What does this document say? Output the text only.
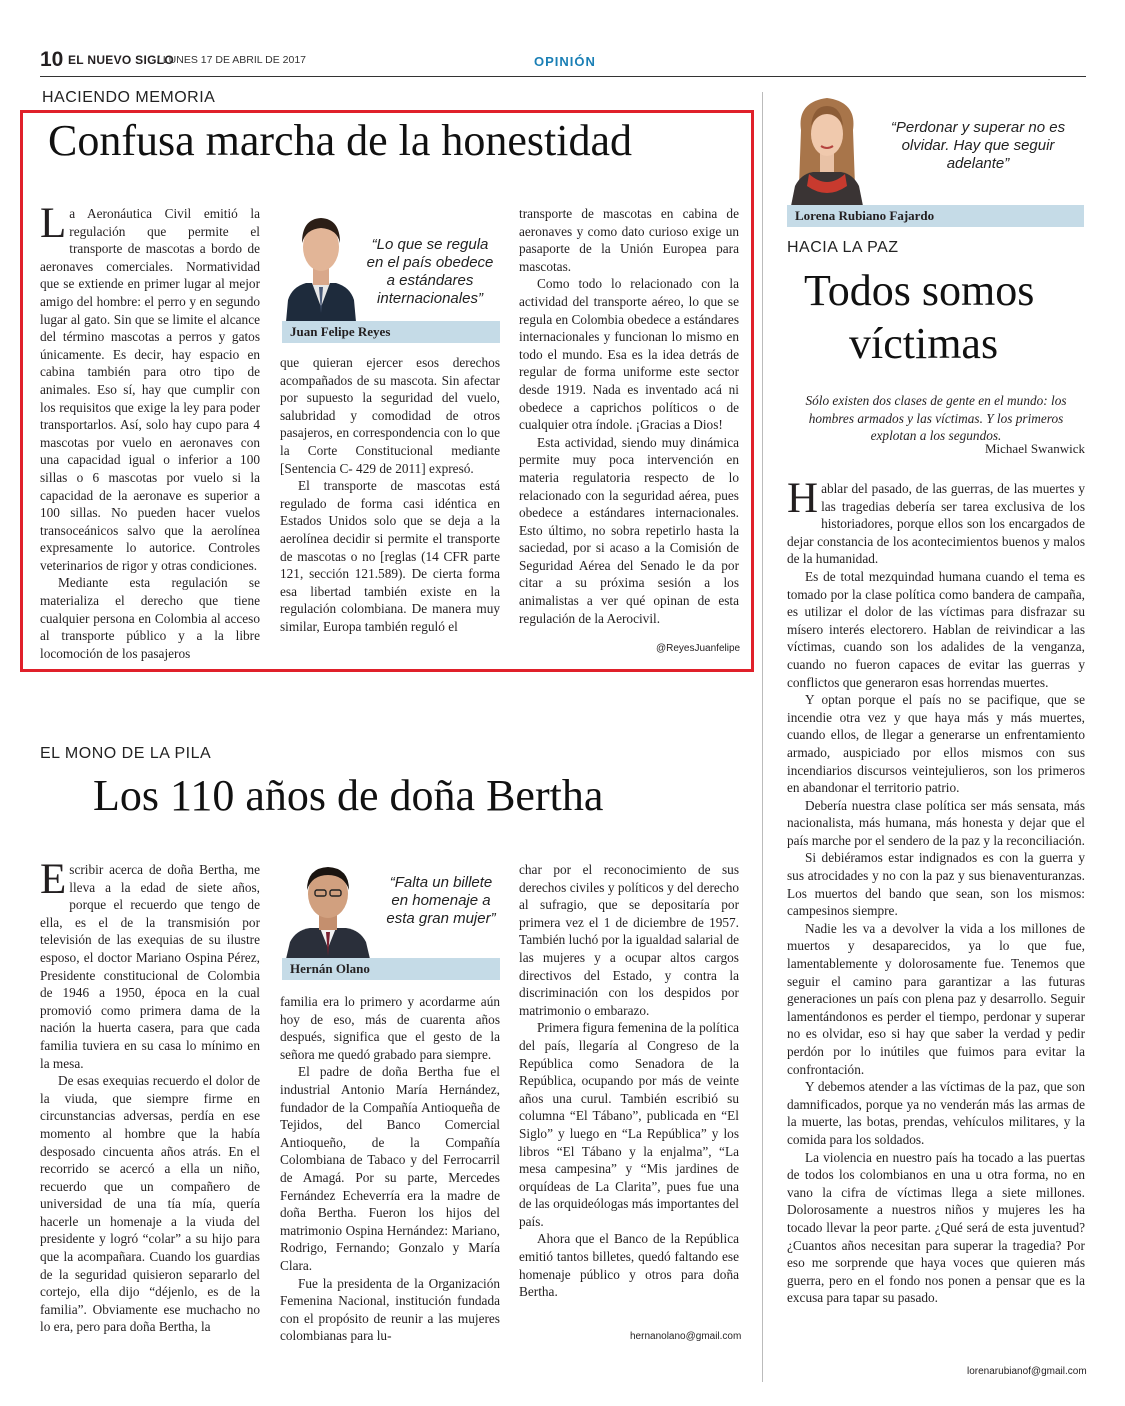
10 EL NUEVO SIGLO
/ LUNES 17 DE ABRIL DE 2017	OPINIÓN
HACIENDO MEMORIA
Confusa marcha de la honestidad

La Aeronáutica Civil emitió la regulación que permite el transporte de mascotas a bordo de aeronaves comerciales. Normatividad que se extiende en primer lugar al mejor amigo del hombre: el perro y en segundo lugar al gato. Sin que se limite el alcance del término mascotas a perros y gatos únicamente. Es decir, hay espacio en cabina también para otro tipo de animales. Eso sí, hay que cumplir con los requisitos que exige la ley para poder transportarlos. Así, solo hay cupo para 4 mascotas por vuelo en aeronaves con una capacidad igual o inferior a 100 sillas o 6 mascotas por vuelo si la capacidad de la aeronave es superior a 100 sillas. No pueden hacer vuelos transoceánicos salvo que la aerolínea expresamente lo autorice. Controles veterinarios de rigor y otras condiciones.

Mediante esta regulación se materializa el derecho que tiene cualquier persona en Colombia al acceso al transporte público y a la libre locomoción de los pasajeros

“Lo que se regula en el país obedece a estándares internacionales”
Juan Felipe Reyes

que quieran ejercer esos derechos acompañados de su mascota. Sin afectar por supuesto la seguridad del vuelo, salubridad y comodidad de otros pasajeros, en correspondencia con lo que la Corte Constitucional mediante [Sentencia C- 429 de 2011] expresó.

El transporte de mascotas está regulado de forma casi idéntica en Estados Unidos solo que se deja a la aerolínea decidir si permite el transporte de mascotas o no [reglas (14 CFR parte 121, sección 121.589). De cierta forma esa libertad también existe en la regulación colombiana. De manera muy similar, Europa también reguló el

transporte de mascotas en cabina de aeronaves y como dato curioso exige un pasaporte de la Unión Europea para mascotas.

Como todo lo relacionado con la actividad del transporte aéreo, lo que se regula en Colombia obedece a estándares internacionales y funcionan lo mismo en todo el mundo. Esa es la idea detrás de regular de forma uniforme este sector desde 1919. Nada es inventado acá ni obedece a caprichos políticos o de cualquier otra índole. ¡Gracias a Dios!

Esta actividad, siendo muy dinámica permite muy poca intervención en materia regulatoria respecto de lo relacionado con la seguridad aérea, pues obedece a estándares internacionales. Esto último, no sobra repetirlo hasta la saciedad, por si acaso a la Comisión de Seguridad Aérea del Senado le da por citar a su próxima sesión a los animalistas a ver qué opinan de esta regulación de la Aerocivil.

@ReyesJuanfelipe
EL MONO DE LA PILA
Los 110 años de doña Bertha

Escribir acerca de doña Bertha, me lleva a la edad de siete años, porque el recuerdo que tengo de ella, es el de la transmisión por televisión de las exequias de su ilustre esposo, el doctor Mariano Ospina Pérez, Presidente constitucional de Colombia de 1946 a 1950, época en la cual promovió como primera dama de la nación la huerta casera, para que cada familia tuviera en su casa lo mínimo en la mesa.

De esas exequias recuerdo el dolor de la viuda, que siempre firme en circunstancias adversas, perdía en ese momento al hombre que la había desposado cincuenta años atrás. En el recorrido se acercó a ella un niño, recuerdo que un compañero de universidad de una tía mía, quería hacerle un homenaje a la viuda del presidente y logró “colar” a su hijo para que la acompañara. Cuando los guardias de la seguridad quisieron separarlo del cortejo, ella dijo “déjenlo, es de la familia”. Obviamente ese muchacho no lo era, pero para doña Bertha, la

“Falta un billete en homenaje a esta gran mujer”
Hernán Olano

familia era lo primero y acordarme aún hoy de eso, más de cuarenta años después, significa que el gesto de la señora me quedó grabado para siempre.

El padre de doña Bertha fue el industrial Antonio María Hernández, fundador de la Compañía Antioqueña de Tejidos, del Banco Comercial Antioqueño, de la Compañía Colombiana de Tabaco y del Ferrocarril de Amagá. Por su parte, Mercedes Fernández Echeverría era la madre de doña Bertha. Fueron los hijos del matrimonio Ospina Hernández: Mariano, Rodrigo, Fernando; Gonzalo y María Clara.

Fue la presidenta de la Organización Femenina Nacional, institución fundada con el propósito de reunir a las mujeres colombianas para lu-

char por el reconocimiento de sus derechos civiles y políticos y del derecho al sufragio, que se depositaría por primera vez el 1 de diciembre de 1957. También luchó por la igualdad salarial de las mujeres y a ocupar altos cargos directivos del Estado, y contra la discriminación con los despidos por matrimonio o embarazo.

Primera figura femenina de la política del país, llegaría al Congreso de la República como Senadora de la República, ocupando por más de veinte años una curul. También escribió su columna “El Tábano”, publicada en “El Siglo” y luego en “La República” y los libros “El Tábano y la enjalma”, “La mesa campesina” y “Mis jardines de orquídeas de La Clarita”, pues fue una de las orquideólogas más importantes del país.

Ahora que el Banco de la República emitió tantos billetes, quedó faltando ese homenaje público y otros para doña Bertha.

hernanolano@gmail.com
“Perdonar y superar no es olvidar. Hay que seguir adelante”
Lorena Rubiano Fajardo
HACIA LA PAZ
Todos somos
víctimas
Sólo existen dos clases de gente en el mundo: los hombres armados y las víctimas. Y los primeros explotan a los segundos.
Michael Swanwick

Hablar del pasado, de las guerras, de las muertes y las tragedias debería ser tarea exclusiva de los historiadores, porque ellos son los encargados de dejar constancia de los acontecimientos buenos y malos de la humanidad.

Es de total mezquindad humana cuando el tema es tomado por la clase política como bandera de campaña, es utilizar el dolor de las víctimas para disfrazar su mísero interés electorero. Hablan de reivindicar a las víctimas, cuando son los adalides de la venganza, cuando no fueron capaces de evitar las guerras y conflictos que generaron esas horrendas muertes.

Y optan porque el país no se pacifique, que se incendie otra vez y que haya más y más muertes, cuando ellos, de llegar a generarse un enfrentamiento armado, auspiciado por ellos mismos con sus incendiarios discursos veintejulieros, son los primeros en abandonar el territorio patrio.

Debería nuestra clase política ser más sensata, más nacionalista, más humana, más honesta y dejar que el país marche por el sendero de la paz y la reconciliación.

Si debiéramos estar indignados es con la guerra y sus atrocidades y no con la paz y sus bienaventuranzas. Los muertos del bando que sean, son los mismos: campesinos siempre.

Nadie les va a devolver la vida a los millones de muertos y desaparecidos, ya lo que fue, lamentablemente y dolorosamente fue. Tenemos que seguir el camino para garantizar a las futuras generaciones un país con plena paz y desarrollo. Seguir lamentándonos es perder el tiempo, perdonar y superar no es olvidar, eso si hay que saber la verdad y pedir perdón por lo inútiles que fuimos para evitar la confrontación.

Y debemos atender a las víctimas de la paz, que son damnificados, porque ya no venderán más las armas de la muerte, las botas, prendas, vehículos militares, y la comida para los soldados.

La violencia en nuestro país ha tocado a las puertas de todos los colombianos en una u otra forma, no en vano la cifra de víctimas llega a siete millones. Dolorosamente a nuestros niños y mujeres les ha tocado llevar la peor parte. ¿Qué será de esta juventud? ¿Cuantos años necesitan para superar la tragedia? Por eso me sorprende que haya voces que quieren más guerra, pero en el fondo nos ponen a pensar que es la excusa para tapar su pasado.

lorenarubianof@gmail.com
